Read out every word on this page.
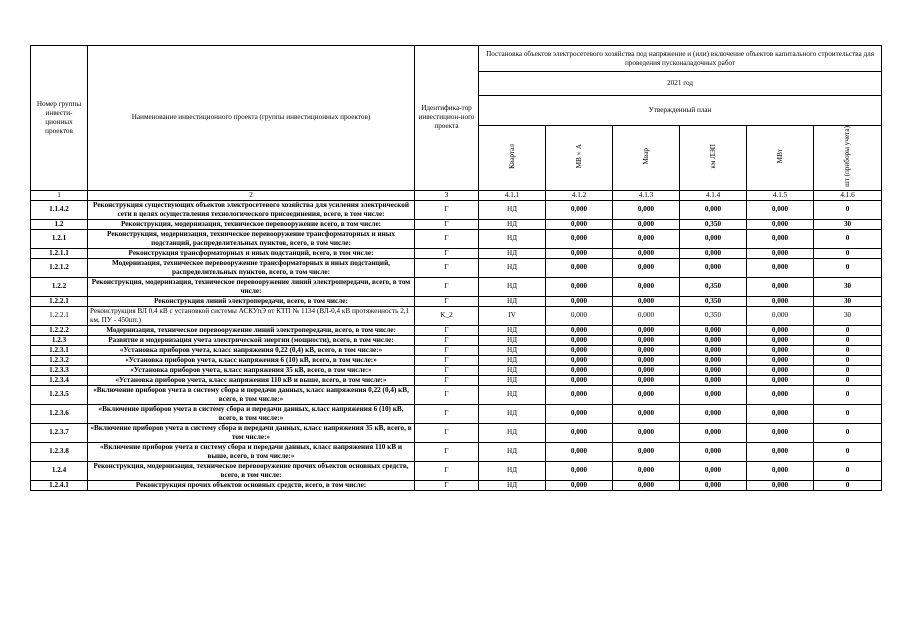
Номер группы инвести-ционных проектов	Наименование инвестиционного проекта (группы инвестиционных проектов)	Идентифика-тор инвестицион-ного проекта	Постановка объектов электросетевого хозяйства под напряжение и (или) включение объектов капитального строительства для проведения пусконаладочных работ					
			2021 год					
			Утвержденный план					
			Квартал	МВ×А	Мвар	км ЛЭП	МВт	шт (приборы учета)
1	2	3	4.1.1	4.1.2	4.1.3	4.1.4	4.1.5	4.1.6
1.1.4.2	Реконструкция существующих объектов электросетевого хозяйства для усиления электрической сети в целях осуществления технологического присоединения, всего, в том числе:	Г	НД	0,000	0,000	0,000	0,000	0
1.2	Реконструкция, модернизация, техническое перевооружение всего, в том числе:	Г	НД	0,000	0,000	0,350	0,000	30
1.2.1	Реконструкция, модернизация, техническое перевооружение трансформаторных и иных подстанций, распределительных пунктов, всего, в том числе:	Г	НД	0,000	0,000	0,000	0,000	0
1.2.1.1	Реконструкция трансформаторных и иных подстанций, всего, в том числе:	Г	НД	0,000	0,000	0,000	0,000	0
1.2.1.2	Модернизация, техническое перевооружение трансформаторных и иных подстанций, распределительных пунктов, всего, в том числе:	Г	НД	0,000	0,000	0,000	0,000	0
1.2.2	Реконструкция, модернизация, техническое перевооружение линий электропередачи, всего, в том числе:	Г	НД	0,000	0,000	0,350	0,000	30
1.2.2.1	Реконструкция линий электропередачи, всего, в том числе:	Г	НД	0,000	0,000	0,350	0,000	30
1.2.2.1	Реконструкция ВЛ 0,4 кВ с установкой системы АСКУпЭ от КТП № 1134 (ВЛ-0,4 кВ протяженность 2,1 км, ПУ - 450шт.)	K_2	IV	0,000	0,000	0,350	0,000	30
1.2.2.2	Модернизация, техническое перевооружение линий электропередачи, всего, в том числе:	Г	НД	0,000	0,000	0,000	0,000	0
1.2.3	Развитие и модернизация учета электрической энергии (мощности), всего, в том числе:	Г	НД	0,000	0,000	0,000	0,000	0
1.2.3.1	«Установка приборов учета, класс напряжения 0,22 (0,4) кВ, всего, в том числе:»	Г	НД	0,000	0,000	0,000	0,000	0
1.2.3.2	«Установка приборов учета, класс напряжения 6 (10) кВ, всего, в том числе:»	Г	НД	0,000	0,000	0,000	0,000	0
1.2.3.3	«Установка приборов учета, класс напряжения 35 кВ, всего, в том числе:»	Г	НД	0,000	0,000	0,000	0,000	0
1.2.3.4	«Установка приборов учета, класс напряжения 110 кВ и выше, всего, в том числе:»	Г	НД	0,000	0,000	0,000	0,000	0
1.2.3.5	«Включение приборов учета в систему сбора и передачи данных, класс напряжения 0,22 (0,4) кВ, всего, в том числе:»	Г	НД	0,000	0,000	0,000	0,000	0
1.2.3.6	«Включение приборов учета в систему сбора и передачи данных, класс напряжения 6 (10) кВ, всего, в том числе:»	Г	НД	0,000	0,000	0,000	0,000	0
1.2.3.7	«Включение приборов учета в систему сбора и передачи данных, класс напряжения 35 кВ, всего, в том числе:»	Г	НД	0,000	0,000	0,000	0,000	0
1.2.3.8	«Включение приборов учета в систему сбора и передачи данных, класс напряжения 110 кВ и выше, всего, в том числе:»	Г	НД	0,000	0,000	0,000	0,000	0
1.2.4	Реконструкция, модернизация, техническое перевооружение прочих объектов основных средств, всего, в том числе:	Г	НД	0,000	0,000	0,000	0,000	0
1.2.4.1	Реконструкция прочих объектов основных средств, всего, в том числе:	Г	НД	0,000	0,000	0,000	0,000	0
